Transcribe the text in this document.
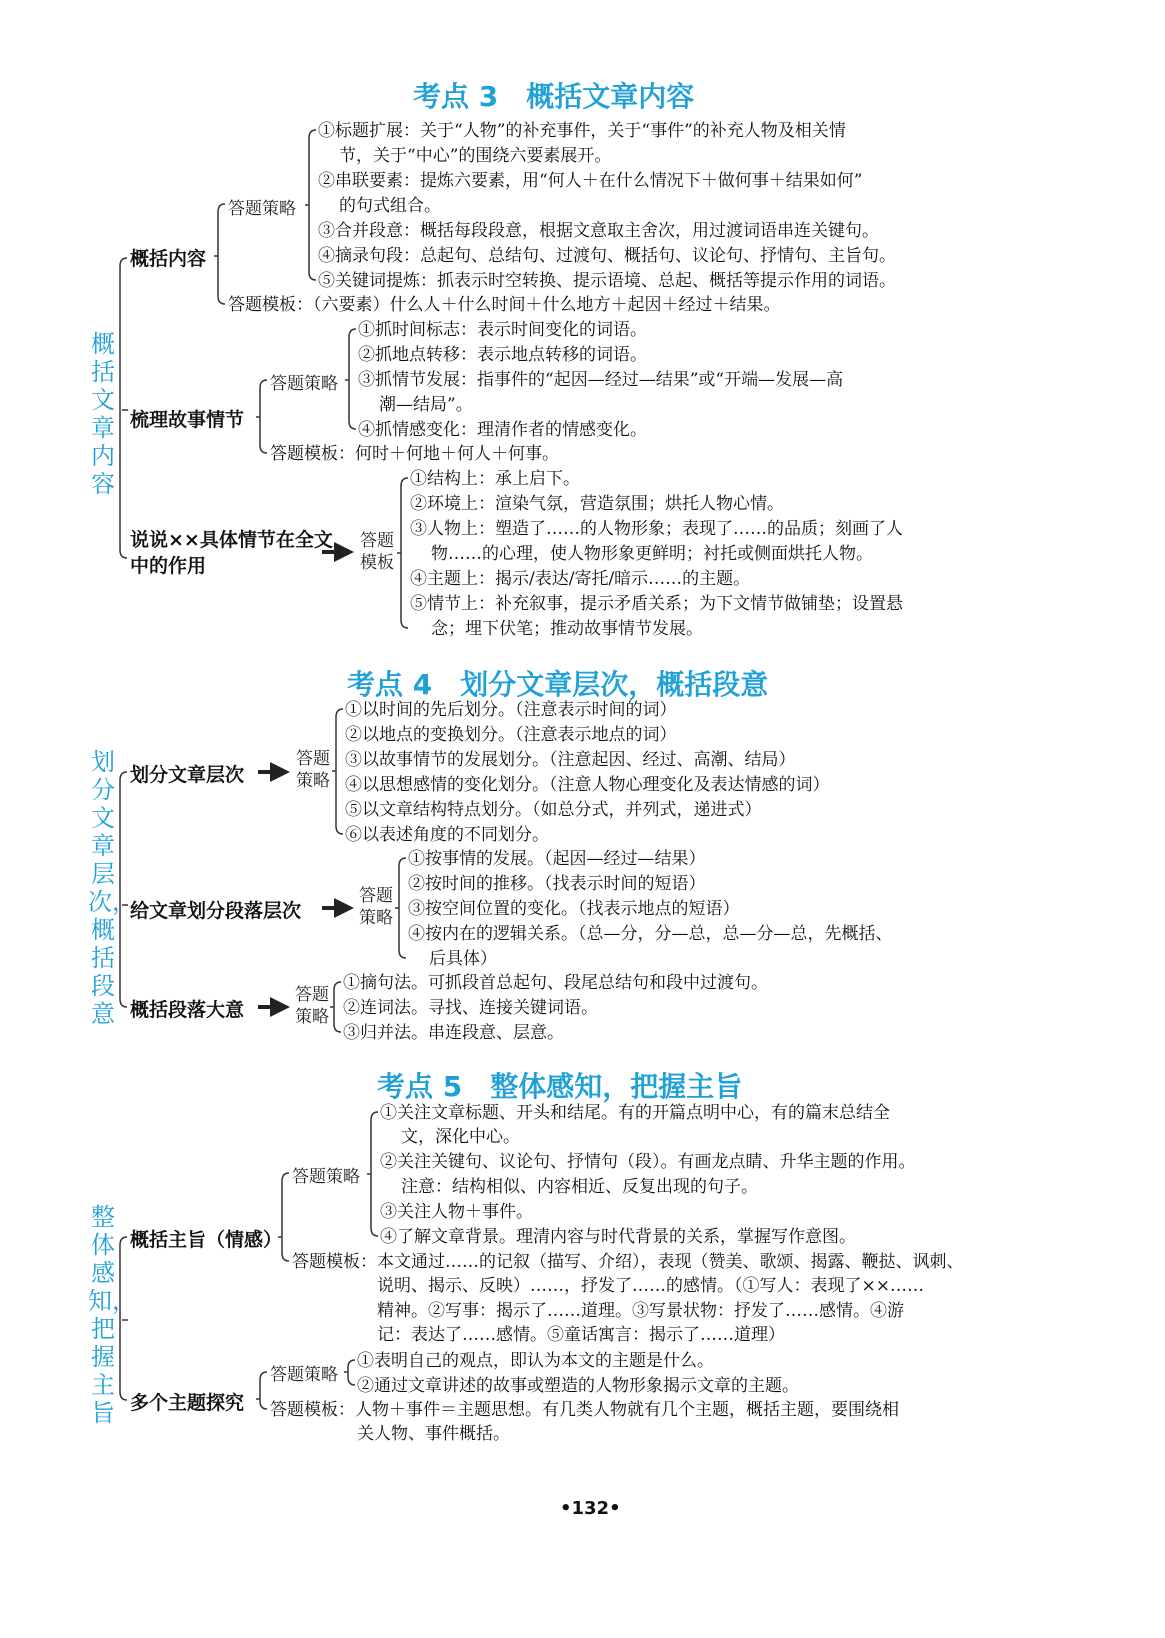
考点 3　概括文章内容
概括文章内容
概括内容
答题策略
①标题扩展：关于“人物”的补充事件，关于“事件”的补充人物及相关情
节，关于“中心”的围绕六要素展开。
②串联要素：提炼六要素，用“何人＋在什么情况下＋做何事＋结果如何”
的句式组合。
③合并段意：概括每段段意，根据文意取主舍次，用过渡词语串连关键句。
④摘录句段：总起句、总结句、过渡句、概括句、议论句、抒情句、主旨句。
⑤关键词提炼：抓表示时空转换、提示语境、总起、概括等提示作用的词语。
答题模板：（六要素）什么人＋什么时间＋什么地方＋起因＋经过＋结果。
梳理故事情节
答题策略
①抓时间标志：表示时间变化的词语。
②抓地点转移：表示地点转移的词语。
③抓情节发展：指事件的“起因—经过—结果”或“开端—发展—高
潮—结局”。
④抓情感变化：理清作者的情感变化。
答题模板：何时＋何地＋何人＋何事。
说说××具体情节在全文中的作用
答题模板
①结构上：承上启下。
②环境上：渲染气氛，营造氛围；烘托人物心情。
③人物上：塑造了……的人物形象；表现了……的品质；刻画了人
物……的心理，使人物形象更鲜明；衬托或侧面烘托人物。
④主题上：揭示/表达/寄托/暗示……的主题。
⑤情节上：补充叙事，提示矛盾关系；为下文情节做铺垫；设置悬
念；埋下伏笔；推动故事情节发展。
考点 4　划分文章层次，概括段意
划分文章层次，概括段意
划分文章层次
答题策略
①以时间的先后划分。（注意表示时间的词）
②以地点的变换划分。（注意表示地点的词）
③以故事情节的发展划分。（注意起因、经过、高潮、结局）
④以思想感情的变化划分。（注意人物心理变化及表达情感的词）
⑤以文章结构特点划分。（如总分式，并列式，递进式）
⑥以表述角度的不同划分。
给文章划分段落层次
答题策略
①按事情的发展。（起因—经过—结果）
②按时间的推移。（找表示时间的短语）
③按空间位置的变化。（找表示地点的短语）
④按内在的逻辑关系。（总—分，分—总，总—分—总，先概括、
后具体）
概括段落大意
答题策略
①摘句法。可抓段首总起句、段尾总结句和段中过渡句。
②连词法。寻找、连接关键词语。
③归并法。串连段意、层意。
考点 5　整体感知，把握主旨
整体感知，把握主旨
概括主旨（情感）
答题策略
①关注文章标题、开头和结尾。有的开篇点明中心，有的篇末总结全
文，深化中心。
②关注关键句、议论句、抒情句（段）。有画龙点睛、升华主题的作用。
注意：结构相似、内容相近、反复出现的句子。
③关注人物＋事件。
④了解文章背景。理清内容与时代背景的关系，掌握写作意图。
答题模板：本文通过……的记叙（描写、介绍），表现（赞美、歌颂、揭露、鞭挞、讽刺、
说明、揭示、反映）……，抒发了……的感情。（①写人：表现了××……
精神。②写事：揭示了……道理。③写景状物：抒发了……感情。④游
记：表达了……感情。⑤童话寓言：揭示了……道理）
多个主题探究
答题策略
①表明自己的观点，即认为本文的主题是什么。
②通过文章讲述的故事或塑造的人物形象揭示文章的主题。
答题模板：人物＋事件＝主题思想。有几类人物就有几个主题，概括主题，要围绕相
关人物、事件概括。
•132•
